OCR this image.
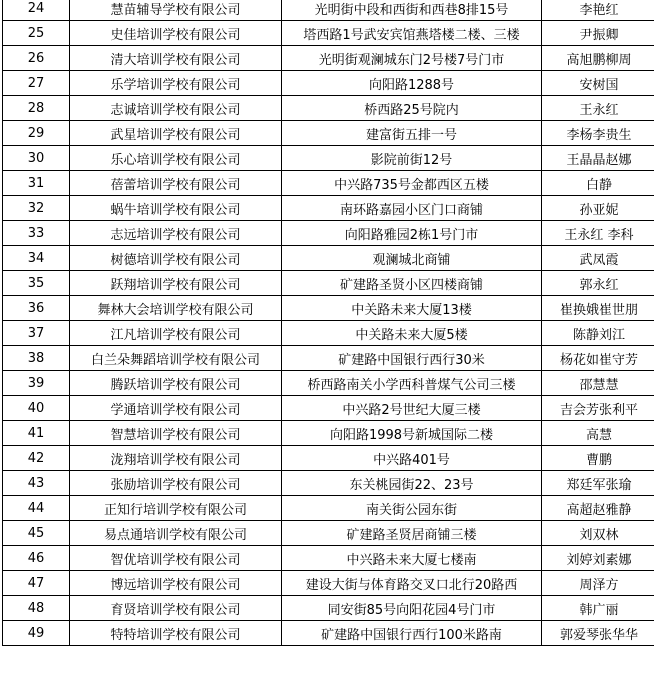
24	慧苗辅导学校有限公司	光明街中段和西街和西巷8排15号	李艳红
25	史佳培训学校有限公司	塔西路1号武安宾馆燕塔楼二楼、三楼	尹振卿
26	清大培训学校有限公司	光明街观澜城东门2号楼7号门市	高旭鹏柳周
27	乐学培训学校有限公司	向阳路1288号	安树国
28	志诚培训学校有限公司	桥西路25号院内	王永红
29	武星培训学校有限公司	建富街五排一号	李杨李贵生
30	乐心培训学校有限公司	影院前街12号	王晶晶赵娜
31	蓓蕾培训学校有限公司	中兴路735号金都西区五楼	白静
32	蜗牛培训学校有限公司	南环路嘉园小区门口商铺	孙亚妮
33	志远培训学校有限公司	向阳路雅园2栋1号门市	王永红 李科
34	树德培训学校有限公司	观澜城北商铺	武凤霞
35	跃翔培训学校有限公司	矿建路圣贤小区四楼商铺	郭永红
36	舞林大会培训学校有限公司	中关路未来大厦13楼	崔换娥崔世朋
37	江凡培训学校有限公司	中关路未来大厦5楼	陈静刘江
38	白兰朵舞蹈培训学校有限公司	矿建路中国银行西行30米	杨花如崔守芳
39	腾跃培训学校有限公司	桥西路南关小学西科普煤气公司三楼	邵慧慧
40	学通培训学校有限公司	中兴路2号世纪大厦三楼	吉会芳张利平
41	智慧培训学校有限公司	向阳路1998号新城国际二楼	高慧
42	泷翔培训学校有限公司	中兴路401号	曹鹏
43	张励培训学校有限公司	东关桃园街22、23号	郑廷军张瑜
44	正知行培训学校有限公司	南关街公园东街	高超赵雅静
45	易点通培训学校有限公司	矿建路圣贤居商铺三楼	刘双林
46	智优培训学校有限公司	中兴路未来大厦七楼南	刘婷刘素娜
47	博远培训学校有限公司	建设大街与体育路交叉口北行20路西	周泽方
48	育贤培训学校有限公司	同安街85号向阳花园4号门市	韩广丽
49	特特培训学校有限公司	矿建路中国银行西行100米路南	郭爱琴张华华
